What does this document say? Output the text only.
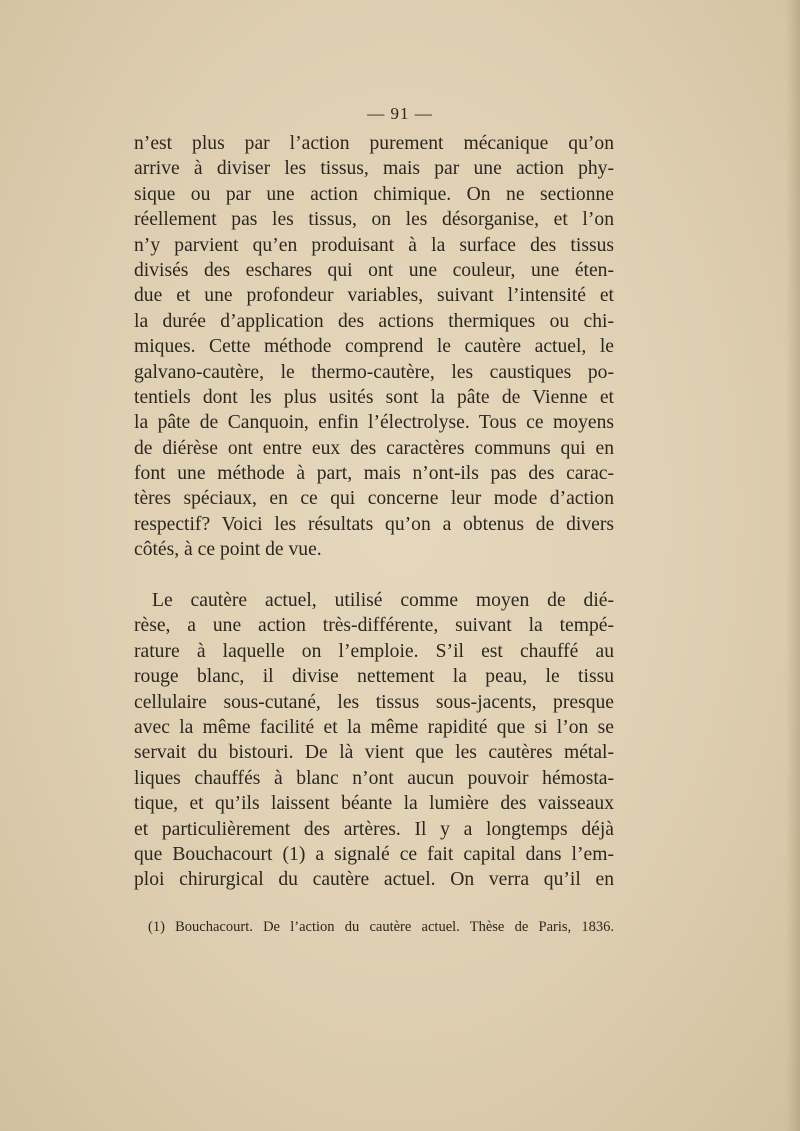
— 91 —
n’est plus par l’action purement mécanique qu’on
arrive à diviser les tissus, mais par une action phy-
sique ou par une action chimique. On ne sectionne
réellement pas les tissus, on les désorganise, et l’on
n’y parvient qu’en produisant à la surface des tissus
divisés des eschares qui ont une couleur, une éten-
due et une profondeur variables, suivant l’intensité et
la durée d’application des actions thermiques ou chi-
miques. Cette méthode comprend le cautère actuel, le
galvano-cautère, le thermo-cautère, les caustiques po-
tentiels dont les plus usités sont la pâte de Vienne et
la pâte de Canquoin, enfin l’électrolyse. Tous ce moyens
de diérèse ont entre eux des caractères communs qui en
font une méthode à part, mais n’ont-ils pas des carac-
tères spéciaux, en ce qui concerne leur mode d’action
respectif? Voici les résultats qu’on a obtenus de divers
côtés, à ce point de vue.
Le cautère actuel, utilisé comme moyen de dié-
rèse, a une action très-différente, suivant la tempé-
rature à laquelle on l’emploie. S’il est chauffé au
rouge blanc, il divise nettement la peau, le tissu
cellulaire sous-cutané, les tissus sous-jacents, presque
avec la même facilité et la même rapidité que si l’on se
servait du bistouri. De là vient que les cautères métal-
liques chauffés à blanc n’ont aucun pouvoir hémosta-
tique, et qu’ils laissent béante la lumière des vaisseaux
et particulièrement des artères. Il y a longtemps déjà
que Bouchacourt (1) a signalé ce fait capital dans l’em-
ploi chirurgical du cautère actuel. On verra qu’il en
(1) Bouchacourt. De l’action du cautère actuel. Thèse de Paris, 1836.
